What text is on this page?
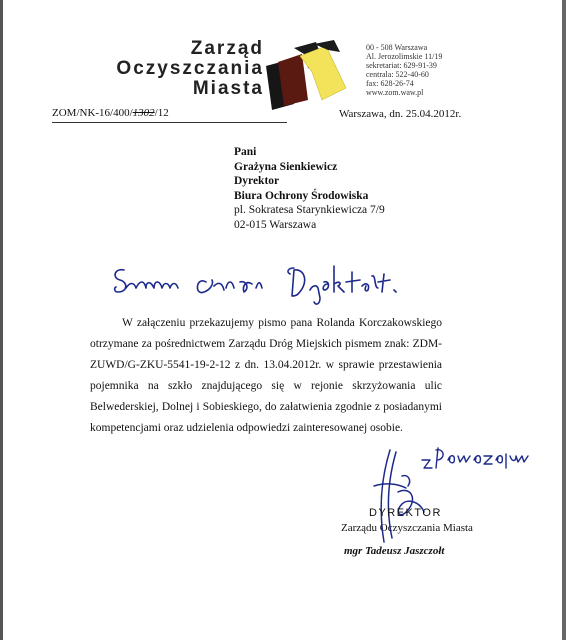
Zarząd
Oczyszczania
Miasta
00 - 508 Warszawa
Al. Jerozolimskie 11/19
sekretariat: 629-91-39
centrala: 522-40-60
fax: 628-26-74
www.zom.waw.pl
ZOM/NK-16/400/1302/12	Warszawa, dn. 25.04.2012r.
Pani
Grażyna Sienkiewicz
Dyrektor
Biura Ochrony Środowiska
pl. Sokratesa Starynkiewicza 7/9
02-015 Warszawa
W załączeniu przekazujemy pismo pana Rolanda Korczakowskiego otrzymane za pośrednictwem Zarządu Dróg Miejskich pismem znak: ZDM-ZUWD/G-ZKU-5541-19-2-12 z dn. 13.04.2012r. w sprawie przestawienia pojemnika na szkło znajdującego się w rejonie skrzyżowania ulic Belwederskiej, Dolnej i Sobieskiego, do załatwienia zgodnie z posiadanymi kompetencjami oraz udzielenia odpowiedzi zainteresowanej osobie.
DYREKTOR
Zarządu Oczyszczania Miasta
mgr Tadeusz Jaszczołt
